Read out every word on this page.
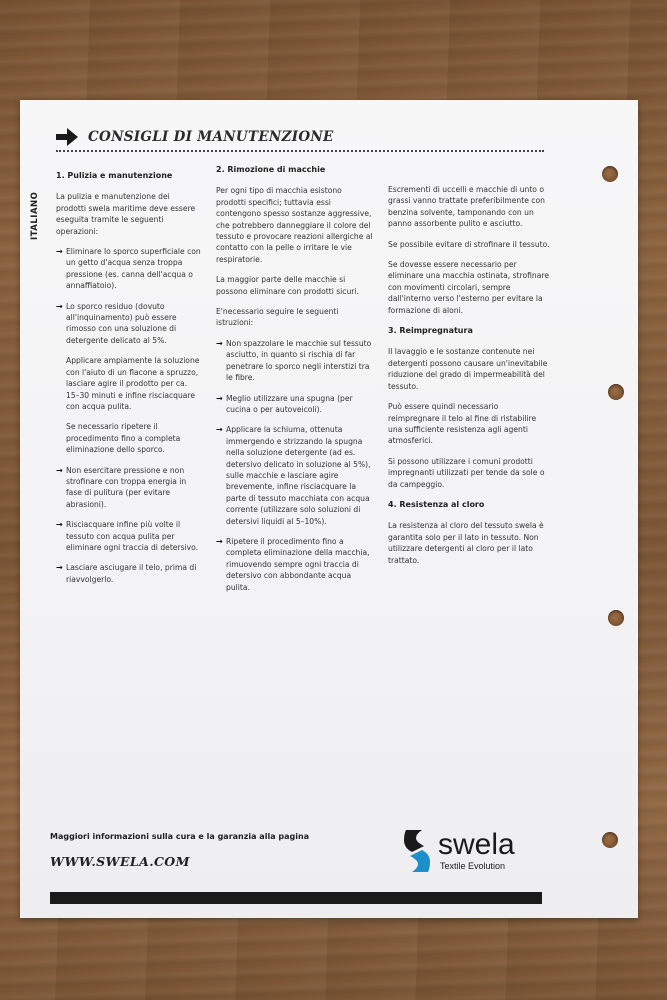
CONSIGLI DI MANUTENZIONE
ITALIANO
1. Pulizia e manutenzione
La pulizia e manutenzione dei prodotti swela maritime deve essere eseguita tramite le seguenti operazioni:
→ Eliminare lo sporco superficiale con un getto d'acqua senza troppa pressione (es. canna dell'acqua o annaffiatoio).
→ Lo sporco residuo (dovuto all'inquinamento) può essere rimosso con una soluzione di detergente delicato al 5%.
Applicare ampiamente la soluzione con l'aiuto di un flacone a spruzzo, lasciare agire il prodotto per ca. 15–30 minuti e infine risciacquare con acqua pulita.
Se necessario ripetere il procedimento fino a completa eliminazione dello sporco.
→ Non esercitare pressione e non strofinare con troppa energia in fase di pulitura (per evitare abrasioni).
→ Risciacquare infine più volte il tessuto con acqua pulita per eliminare ogni traccia di detersivo.
→ Lasciare asciugare il telo, prima di riavvolgerlo.
2. Rimozione di macchie
Per ogni tipo di macchia esistono prodotti specifici; tuttavia essi contengono spesso sostanze aggressive, che potrebbero danneggiare il colore del tessuto e provocare reazioni allergiche al contatto con la pelle o irritare le vie respiratorie.
La maggior parte delle macchie si possono eliminare con prodotti sicuri.
E'necessario seguire le seguenti istruzioni:
→ Non spazzolare le macchie sul tessuto asciutto, in quanto si rischia di far penetrare lo sporco negli interstizi tra le fibre.
→ Meglio utilizzare una spugna (per cucina o per autoveicoli).
→ Applicare la schiuma, ottenuta immergendo e strizzando la spugna nella soluzione detergente (ad es. detersivo delicato in soluzione al 5%), sulle macchie e lasciare agire brevemente, infine risciacquare la parte di tessuto macchiata con acqua corrente (utilizzare solo soluzioni di detersivi liquidi al 5–10%).
→ Ripetere il procedimento fino a completa eliminazione della macchia, rimuovendo sempre ogni traccia di detersivo con abbondante acqua pulita.
Escrementi di uccelli e macchie di unto o grassi vanno trattate preferibilmente con benzina solvente, tamponando con un panno assorbente pulito e asciutto.
Se possibile evitare di strofinare il tessuto.
Se dovesse essere necessario per eliminare una macchia ostinata, strofinare con movimenti circolari, sempre dall'interno verso l'esterno per evitare la formazione di aloni.
3. Reimpregnatura
Il lavaggio e le sostanze contenute nei detergenti possono causare un'inevitabile riduzione del grado di impermeabilità del tessuto.
Può essere quindi necessario reimpregnare il telo al fine di ristabilire una sufficiente resistenza agli agenti atmosferici.
Si possono utilizzare i comuni prodotti impregnanti utilizzati per tende da sole o da campeggio.
4. Resistenza al cloro
La resistenza al cloro del tessuto swela è garantita solo per il lato in tessuto. Non utilizzare detergenti al cloro per il lato trattato.
Maggiori informazioni sulla cura e la garanzia alla pagina
WWW.SWELA.COM
swela
Textile Evolution
